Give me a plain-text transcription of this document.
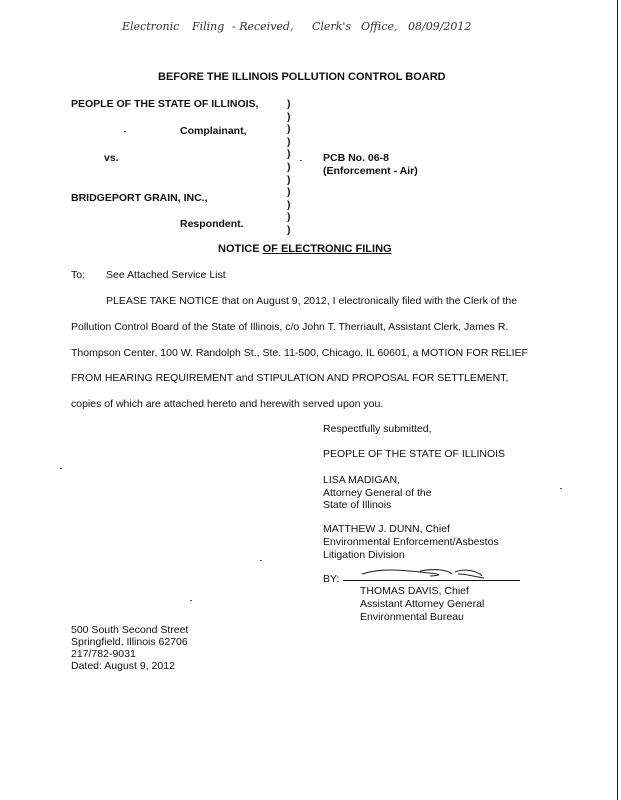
Electronic Filing - Received, Clerk's Office, 08/09/2012
BEFORE THE ILLINOIS POLLUTION CONTROL BOARD
PEOPLE OF THE STATE OF ILLINOIS,
Complainant,
vs.	PCB No. 06-8
(Enforcement - Air)
BRIDGEPORT GRAIN, INC.,
Respondent.
)
)
)
)
)
)
)
)
)
)
)
NOTICE OF ELECTRONIC FILING
To: See Attached Service List
PLEASE TAKE NOTICE that on August 9, 2012, I electronically filed with the Clerk of the
Pollution Control Board of the State of Illinois, c/o John T. Therriault, Assistant Clerk, James R.
Thompson Center, 100 W. Randolph St., Ste. 11-500, Chicago, IL 60601, a MOTION FOR RELIEF
FROM HEARING REQUIREMENT and STIPULATION AND PROPOSAL FOR SETTLEMENT,
copies of which are attached hereto and herewith served upon you.
Respectfully submitted,
PEOPLE OF THE STATE OF ILLINOIS
LISA MADIGAN,
Attorney General of the
State of Illinois
MATTHEW J. DUNN, Chief
Environmental Enforcement/Asbestos
Litigation Division
BY:
THOMAS DAVIS, Chief
Assistant Attorney General
Environmental Bureau
500 South Second Street
Springfield, Illinois 62706
217/782-9031
Dated: August 9, 2012
